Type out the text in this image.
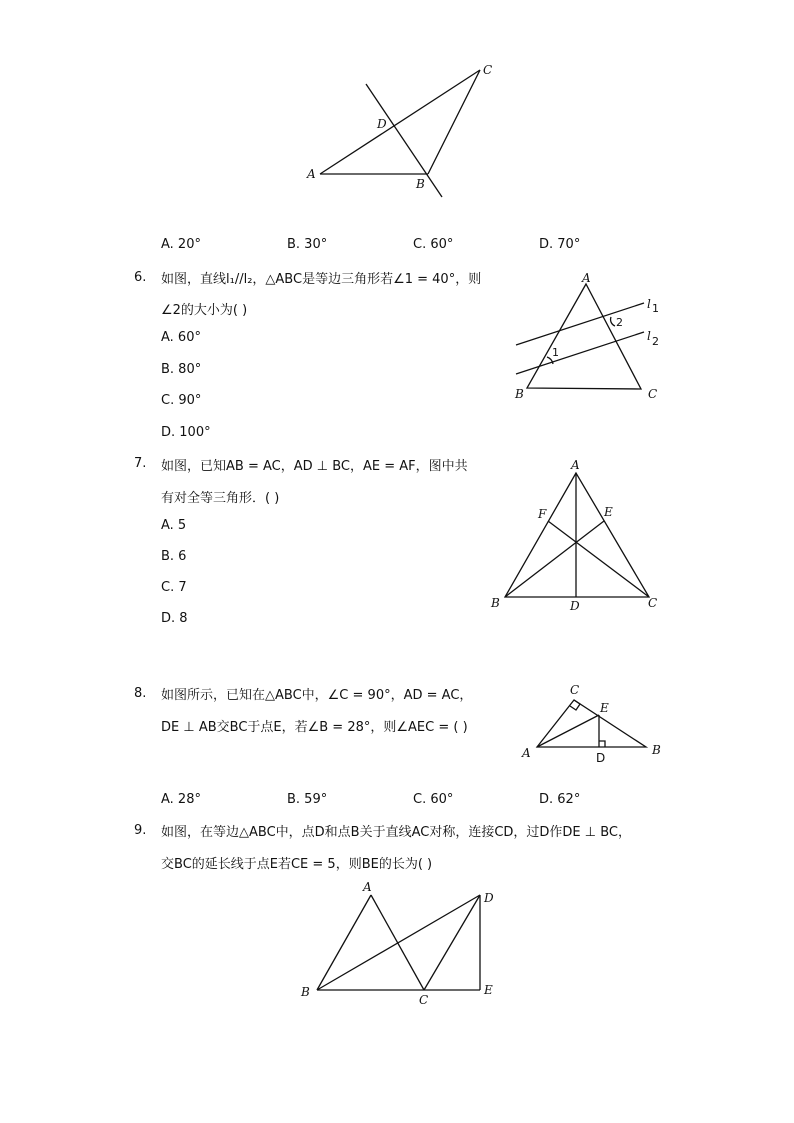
A
B
C
D
A. 20°	B. 30°	C. 60°	D. 70°
6. 如图，直线l₁//l₂，△ABC是等边三角形若∠1 = 40°，则
∠2的大小为( )
A. 60°
B. 80°
C. 90°
D. 100°
A
B	C
l 1
l 2
1
2
7. 如图，已知AB = AC，AD ⊥ BC，AE = AF，图中共
有对全等三角形．( )
A. 5
B. 6
C. 7
D. 8
A
B	C
D
E
F
8. 如图所示，已知在△ABC中，∠C = 90°，AD = AC，
DE ⊥ AB交BC于点E，若∠B = 28°，则∠AEC = ( )
C
E
A	B
D
A. 28°	B. 59°	C. 60°	D. 62°
9. 如图，在等边△ABC中，点D和点B关于直线AC对称，连接CD，过D作DE ⊥ BC，
交BC的延长线于点E若CE = 5，则BE的长为( )
A
B
C
D
E
